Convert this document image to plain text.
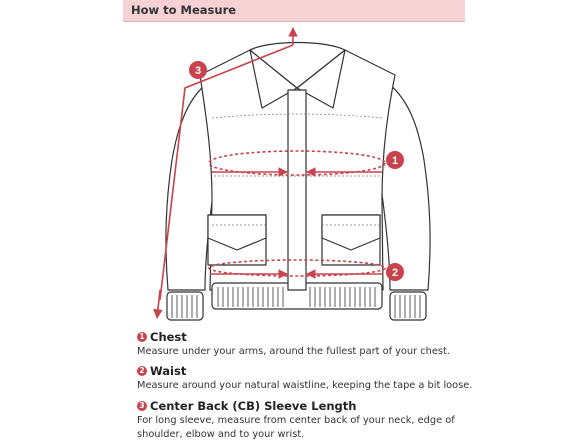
How to Measure
1
2
3
1 Chest
Measure under your arms, around the fullest part of your chest.
2 Waist
Measure around your natural waistline, keeping the tape a bit loose.
3 Center Back (CB) Sleeve Length
For long sleeve, measure from center back of your neck, edge of
shoulder, elbow and to your wrist.
